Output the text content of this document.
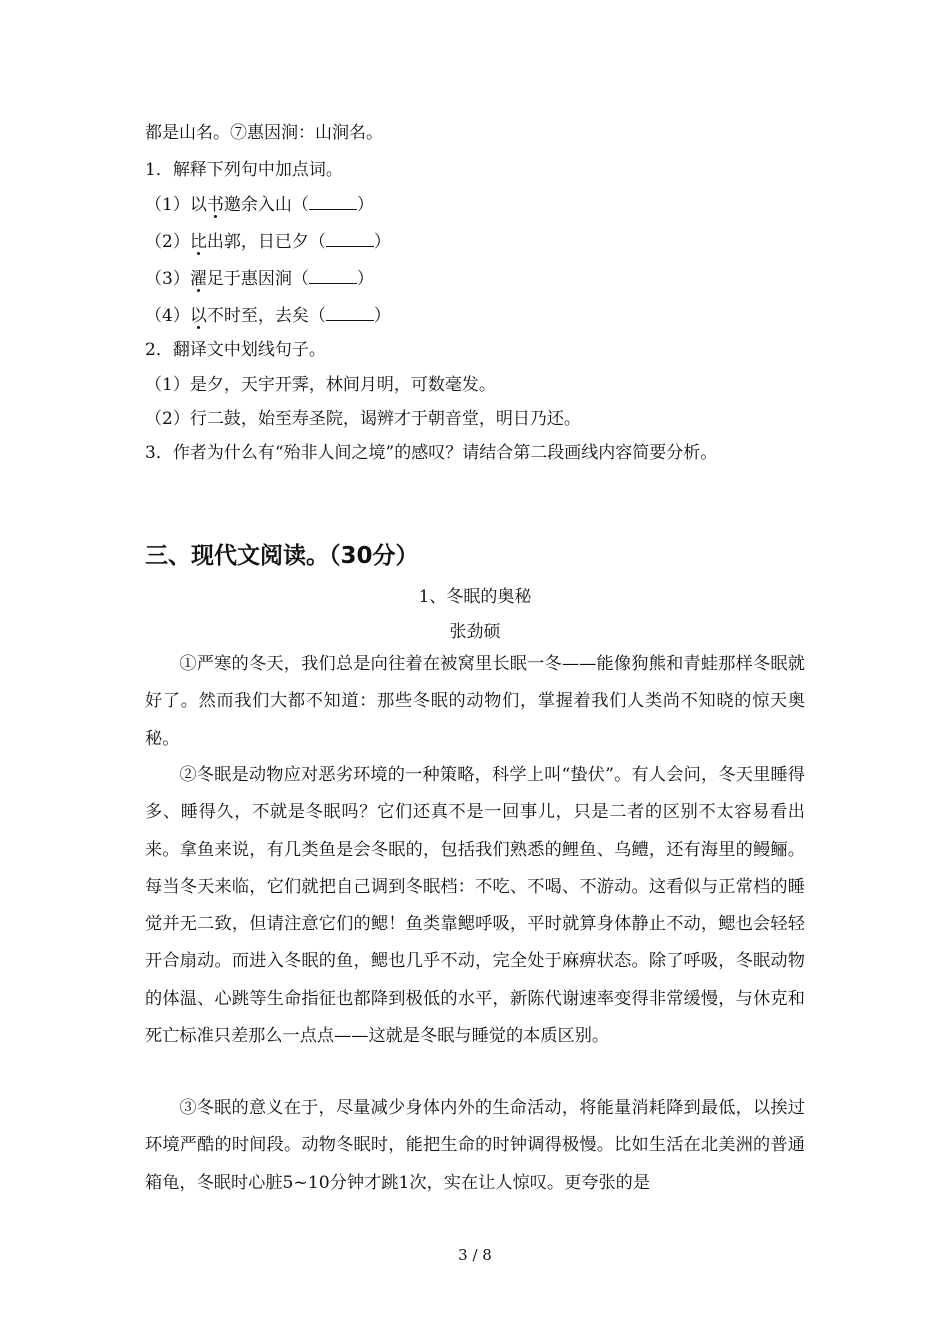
都是山名。⑦惠因涧：山涧名。
1．解释下列句中加点词。
（1）以书邀余入山（	）
（2）比出郭，日已夕（	）
（3）濯足于惠因涧（	）
（4）以不时至，去矣（	）
2．翻译文中划线句子。
（1）是夕，天宇开霁，林间月明，可数毫发。
（2）行二鼓，始至寿圣院，谒辨才于朝音堂，明日乃还。
3．作者为什么有“殆非人间之境”的感叹？请结合第二段画线内容简要分析。
三、现代文阅读。（30分）
1、冬眠的奥秘
张劲硕
①严寒的冬天，我们总是向往着在被窝里长眠一冬——能像狗熊和青蛙那样冬眠就好了。然而我们大都不知道：那些冬眠的动物们，掌握着我们人类尚不知晓的惊天奥秘。
②冬眠是动物应对恶劣环境的一种策略，科学上叫“蛰伏”。有人会问，冬天里睡得多、睡得久，不就是冬眠吗？它们还真不是一回事儿，只是二者的区别不太容易看出来。拿鱼来说，有几类鱼是会冬眠的，包括我们熟悉的鲤鱼、乌鳢，还有海里的鳗鲡。每当冬天来临，它们就把自己调到冬眠档：不吃、不喝、不游动。这看似与正常档的睡觉并无二致，但请注意它们的鳃！鱼类靠鳃呼吸，平时就算身体静止不动，鳃也会轻轻开合扇动。而进入冬眠的鱼，鳃也几乎不动，完全处于麻痹状态。除了呼吸，冬眠动物的体温、心跳等生命指征也都降到极低的水平，新陈代谢速率变得非常缓慢，与休克和死亡标准只差那么一点点——这就是冬眠与睡觉的本质区别。
③冬眠的意义在于，尽量减少身体内外的生命活动，将能量消耗降到最低，以挨过环境严酷的时间段。动物冬眠时，能把生命的时钟调得极慢。比如生活在北美洲的普通箱龟，冬眠时心脏5~10分钟才跳1次，实在让人惊叹。更夸张的是
3 / 8
